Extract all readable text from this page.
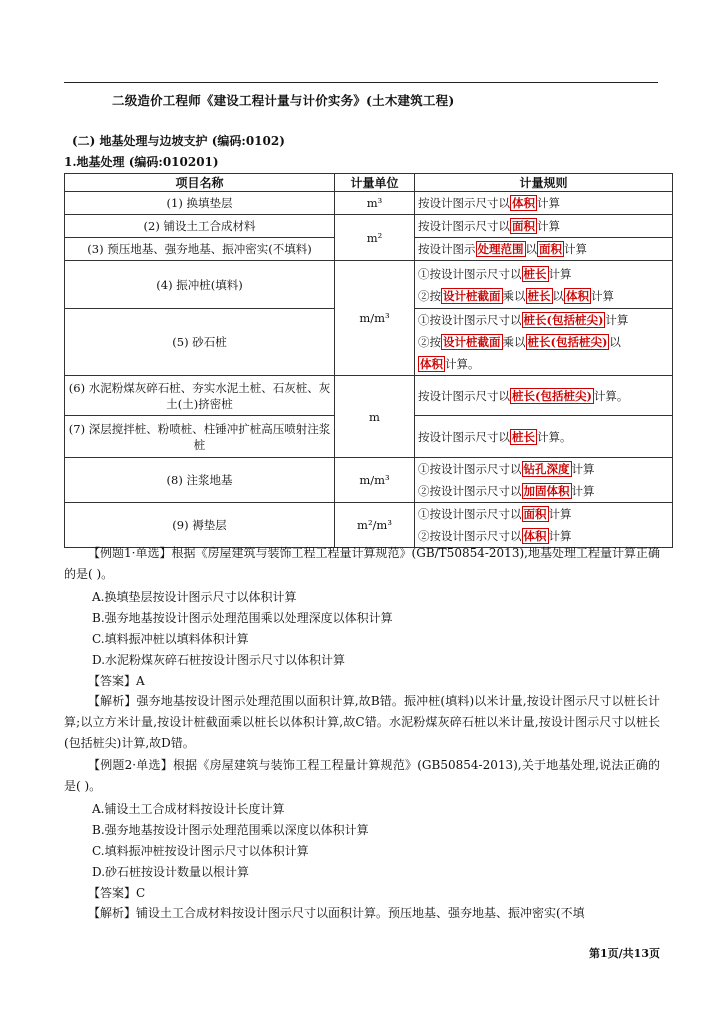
二级造价工程师《建设工程计量与计价实务》(土木建筑工程)
(二) 地基处理与边坡支护 (编码:0102)
1.地基处理 (编码:010201)
项目名称	计量单位	计量规则
(1) 换填垫层	m³	按设计图示尺寸以 体积 计算
(2) 铺设土工合成材料	m²	按设计图示尺寸以 面积 计算
(3) 预压地基、强夯地基、振冲密实(不填料)		按设计图示 处理范围 以 面积 计算
(4) 振冲桩(填料)	m/m³	①按设计图示尺寸以 桩长 计算
②按 设计桩截面 乘以 桩长 以 体积 计算

(5) 砂石桩		①按设计图示尺寸以 桩长(包括桩尖) 计算
②按 设计桩截面 乘以 桩长(包括桩尖) 以
体积 计算。

(6) 水泥粉煤灰碎石桩、夯实水泥土桩、石灰桩、灰土(土)挤密桩	m	按设计图示尺寸以 桩长(包括桩尖) 计算。
(7) 深层搅拌桩、粉喷桩、柱锤冲扩桩高压喷射注浆桩		按设计图示尺寸以 桩长 计算。
(8) 注浆地基	m/m³	①按设计图示尺寸以 钻孔深度 计算
②按设计图示尺寸以 加固体积 计算

(9) 褥垫层	m²/m³	①按设计图示尺寸以 面积 计算
②按设计图示尺寸以 体积 计算
【例题1·单选】根据《房屋建筑与装饰工程工程量计算规范》(GB/T50854-2013),地基处理工程量计算正确的是( )。
A.换填垫层按设计图示尺寸以体积计算
B.强夯地基按设计图示处理范围乘以处理深度以体积计算
C.填料振冲桩以填料体积计算
D.水泥粉煤灰碎石桩按设计图示尺寸以体积计算
【答案】A
【解析】强夯地基按设计图示处理范围以面积计算,故B错。振冲桩(填料)以米计量,按设计图示尺寸以桩长计算;以立方米计量,按设计桩截面乘以桩长以体积计算,故C错。水泥粉煤灰碎石桩以米计量,按设计图示尺寸以桩长(包括桩尖)计算,故D错。
【例题2·单选】根据《房屋建筑与装饰工程工程量计算规范》(GB50854-2013),关于地基处理,说法正确的是( )。
A.铺设土工合成材料按设计长度计算
B.强夯地基按设计图示处理范围乘以深度以体积计算
C.填料振冲桩按设计图示尺寸以体积计算
D.砂石桩按设计数量以根计算
【答案】C
【解析】铺设土工合成材料按设计图示尺寸以面积计算。预压地基、强夯地基、振冲密实(不填
第1页/共13页
